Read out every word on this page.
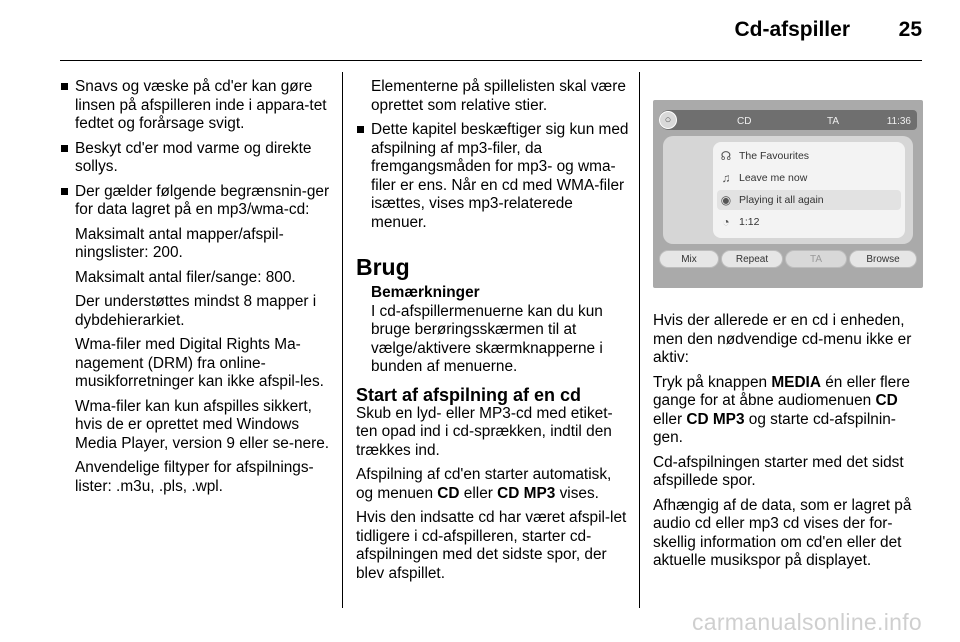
Cd-afspiller 25
Snavs og væske på cd'er kan gøre linsen på afspilleren inde i appara-tet fedtet og forårsage svigt.
Beskyt cd'er mod varme og direkte sollys.
Der gælder følgende begrænsnin-ger for data lagret på en mp3/wma-cd:
Maksimalt antal mapper/afspil-ningslister: 200.
Maksimalt antal filer/sange: 800.
Der understøttes mindst 8 mapper i dybdehierarkiet.
Wma-filer med Digital Rights Ma-nagement (DRM) fra online-musikforretninger kan ikke afspil-les.
Wma-filer kan kun afspilles sikkert, hvis de er oprettet med Windows Media Player, version 9 eller se-nere.
Anvendelige filtyper for afspilnings-lister: .m3u, .pls, .wpl.
Elementerne på spillelisten skal være oprettet som relative stier.
Dette kapitel beskæftiger sig kun med afspilning af mp3-filer, da fremgangsmåden for mp3- og wma-filer er ens. Når en cd med WMA-filer isættes, vises mp3-relaterede menuer.
Brug
Bemærkninger
I cd-afspillermenuerne kan du kun bruge berøringsskærmen til at vælge/aktivere skærmknapperne i bunden af menuerne.
Start af afspilning af en cd
Skub en lyd- eller MP3-cd med etiket-ten opad ind i cd-sprækken, indtil den trækkes ind.
Afspilning af cd'en starter automatisk, og menuen CD eller CD MP3 vises.
Hvis den indsatte cd har været afspil-let tidligere i cd-afspilleren, starter cd-afspilningen med det sidste spor, der blev afspillet.
○	CD	TA	11:36
☊ The Favourites
♫ Leave me now
◉ Playing it all again
◔ 1:12
Mix	Repeat	TA	Browse
Hvis der allerede er en cd i enheden, men den nødvendige cd-menu ikke er aktiv:
Tryk på knappen MEDIA én eller flere gange for at åbne audiomenuen CD eller CD MP3 og starte cd-afspilnin-gen.
Cd-afspilningen starter med det sidst afspillede spor.
Afhængig af de data, som er lagret på audio cd eller mp3 cd vises der for-skellig information om cd'en eller det aktuelle musikspor på displayet.
carmanualsonline.info
